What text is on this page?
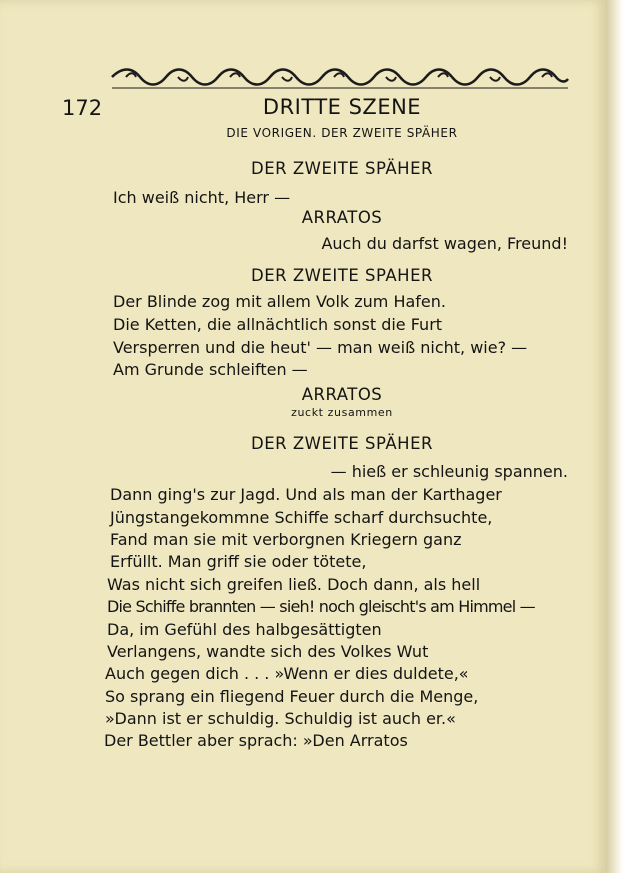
172	DRITTE SZENE
DIE VORIGEN. DER ZWEITE SPÄHER
DER ZWEITE SPÄHER
Ich weiß nicht, Herr —
ARRATOS
Auch du darfst wagen, Freund!
DER ZWEITE SPAHER
Der Blinde zog mit allem Volk zum Hafen.
Die Ketten, die allnächtlich sonst die Furt
Versperren und die heut' — man weiß nicht, wie? —
Am Grunde schleiften —
ARRATOS
zuckt zusammen
DER ZWEITE SPÄHER
— hieß er schleunig spannen.
Dann ging's zur Jagd. Und als man der Karthager
Jüngstangekommne Schiffe scharf durchsuchte,
Fand man sie mit verborgnen Kriegern ganz
Erfüllt. Man griff sie oder tötete,
Was nicht sich greifen ließ. Doch dann, als hell
Die Schiffe brannten — sieh! noch gleischt's am Himmel —
Da, im Gefühl des halbgesättigten
Verlangens, wandte sich des Volkes Wut
Auch gegen dich . . . »Wenn er dies duldete,«
So sprang ein fliegend Feuer durch die Menge,
»Dann ist er schuldig. Schuldig ist auch er.«
Der Bettler aber sprach: »Den Arratos
